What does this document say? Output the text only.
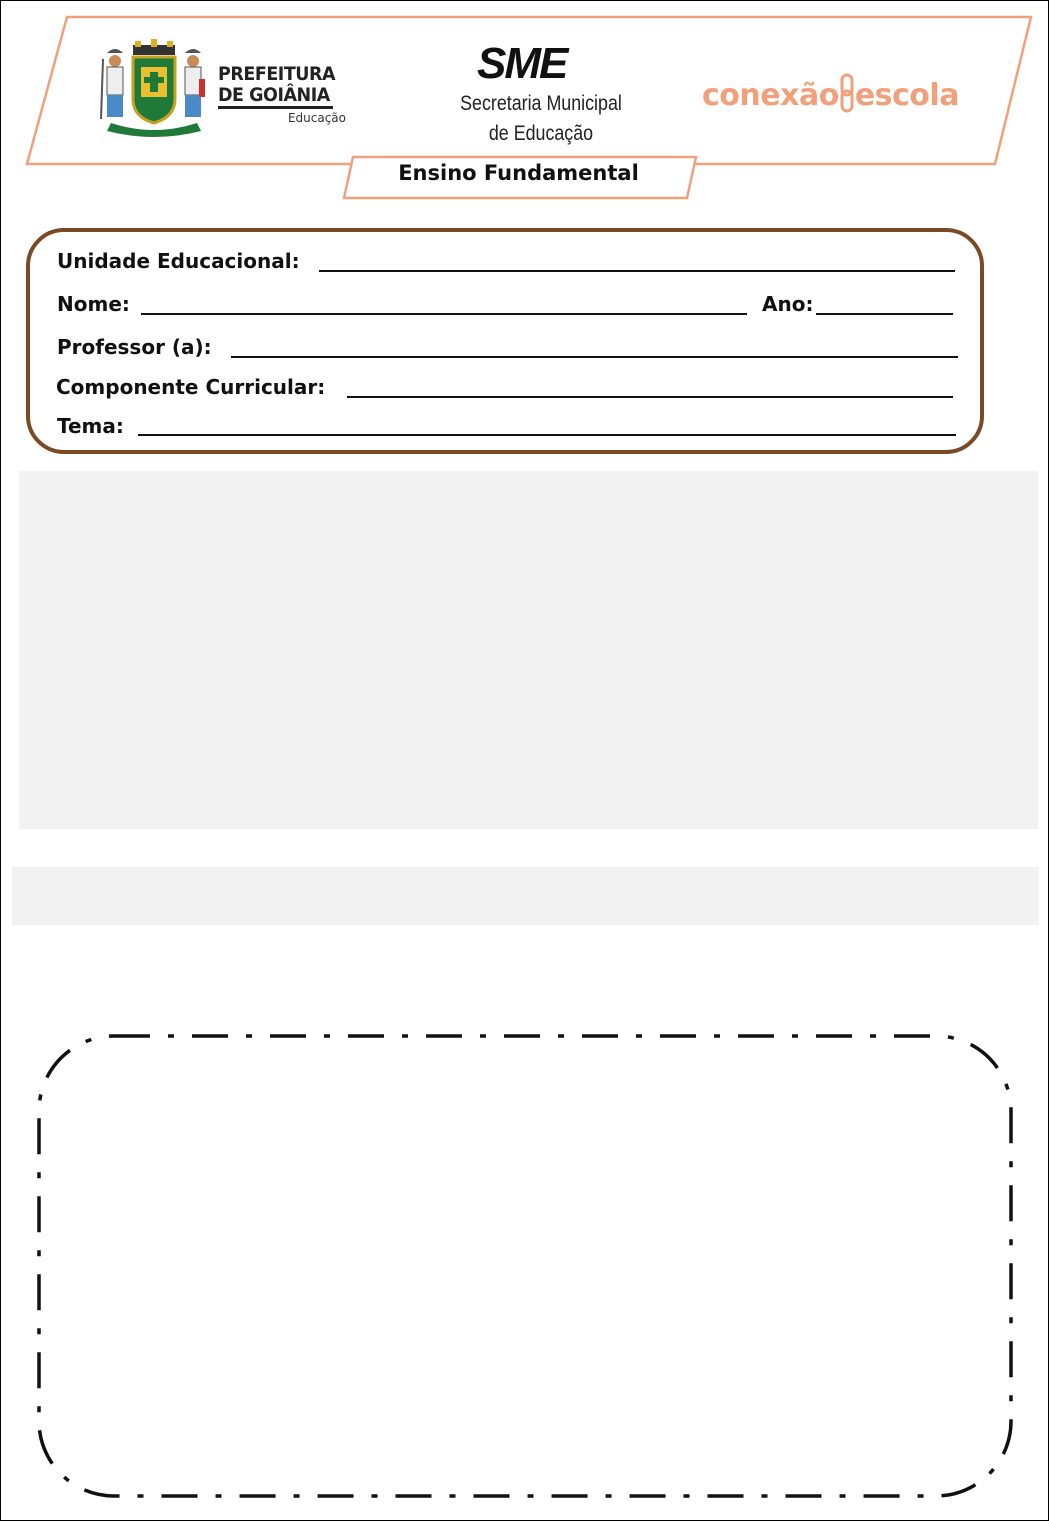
PREFEITURA
DE GOIÂNIA
Educação
SME
Secretaria Municipal
de Educação
conexão escola
Ensino Fundamental
Unidade Educacional:
Nome:	Ano:
Professor (a):
Componente Curricular:
Tema:
